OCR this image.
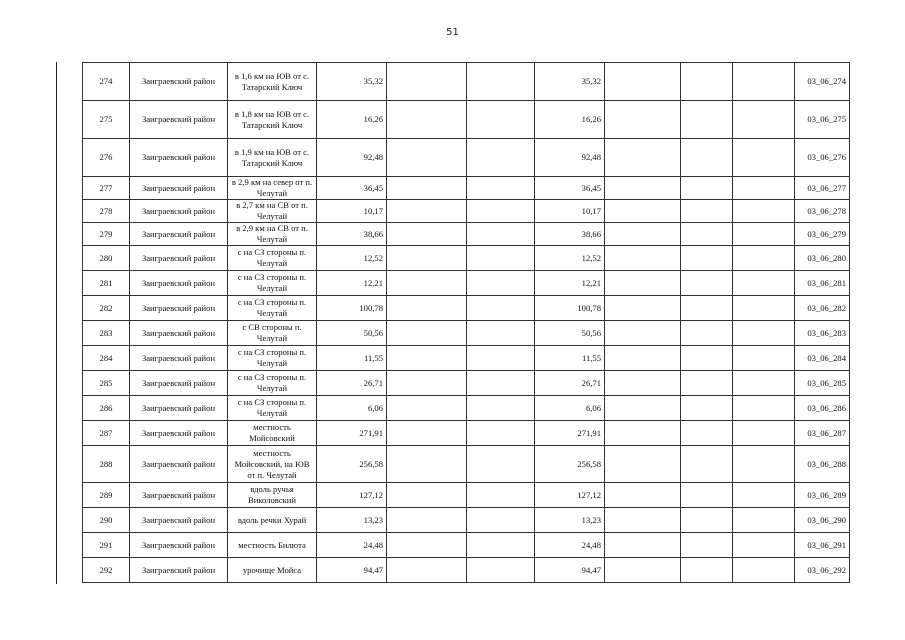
51
274	Заиграевский район	в 1,6 км на ЮВ от с. Татарский Ключ	35,32			35,32				03_06_274
275	Заиграевский район	в 1,8 км на ЮВ от с. Татарский Ключ	16,26			16,26				03_06_275
276	Заиграевский район	в 1,9 км на ЮВ от с. Татарский Ключ	92,48			92,48				03_06_276
277	Заиграевский район	в 2,9 км на север от п. Челутай	36,45			36,45				03_06_277
278	Заиграевский район	в 2,7 км на СВ от п. Челутай	10,17			10,17				03_06_278
279	Заиграевский район	в 2,9 км на СВ от п. Челутай	38,66			38,66				03_06_279
280	Заиграевский район	с на СЗ стороны п. Челутай	12,52			12,52				03_06_280
281	Заиграевский район	с на СЗ стороны п. Челутай	12,21			12,21				03_06_281
282	Заиграевский район	с на СЗ стороны п. Челутай	100,78			100,78				03_06_282
283	Заиграевский район	с СВ стороны п. Челутай	50,56			50,56				03_06_283
284	Заиграевский район	с на СЗ стороны п. Челутай	11,55			11,55				03_06_284
285	Заиграевский район	с на СЗ стороны п. Челутай	26,71			26,71				03_06_285
286	Заиграевский район	с на СЗ стороны п. Челутай	6,06			6,06				03_06_286
287	Заиграевский район	местность Мойсовский	271,91			271,91				03_06_287
288	Заиграевский район	местность Мойсовский, на ЮВ от п. Челутай	256,58			256,58				03_06_288
289	Заиграевский район	вдоль ручья Виколовский	127,12			127,12				03_06_289
290	Заиграевский район	вдоль речки Хурай	13,23			13,23				03_06_290
291	Заиграевский район	местность Билюта	24,48			24,48				03_06_291
292	Заиграевский район	урочище Мойса	94,47			94,47				03_06_292
